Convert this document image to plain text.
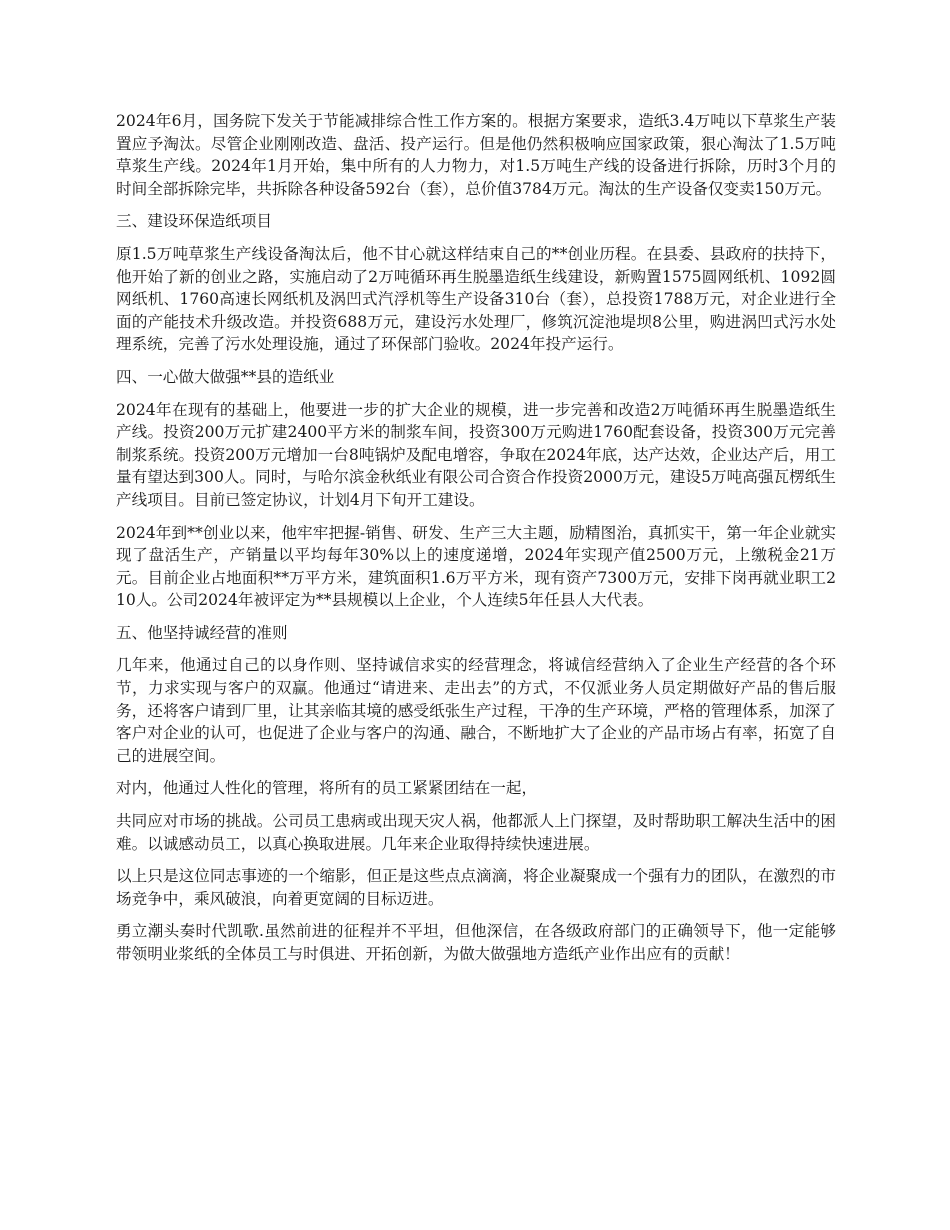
2024年6月，国务院下发关于节能减排综合性工作方案的。根据方案要求，造纸3.4万吨以下草浆生产装置应予淘汰。尽管企业刚刚改造、盘活、投产运行。但是他仍然积极响应国家政策，狠心淘汰了1.5万吨草浆生产线。2024年1月开始，集中所有的人力物力，对1.5万吨生产线的设备进行拆除，历时3个月的时间全部拆除完毕，共拆除各种设备592台（套），总价值3784万元。淘汰的生产设备仅变卖150万元。

三、建设环保造纸项目

原1.5万吨草浆生产线设备淘汰后，他不甘心就这样结束自己的**创业历程。在县委、县政府的扶持下，他开始了新的创业之路，实施启动了2万吨循环再生脱墨造纸生线建设，新购置1575圆网纸机、1092圆网纸机、1760高速长网纸机及涡凹式汽浮机等生产设备310台（套），总投资1788万元，对企业进行全面的产能技术升级改造。并投资688万元，建设污水处理厂，修筑沉淀池堤坝8公里，购进涡凹式污水处理系统，完善了污水处理设施，通过了环保部门验收。2024年投产运行。

四、一心做大做强**县的造纸业

2024年在现有的基础上，他要进一步的扩大企业的规模，进一步完善和改造2万吨循环再生脱墨造纸生产线。投资200万元扩建2400平方米的制浆车间，投资300万元购进1760配套设备，投资300万元完善制浆系统。投资200万元增加一台8吨锅炉及配电增容，争取在2024年底，达产达效，企业达产后，用工量有望达到300人。同时，与哈尔滨金秋纸业有限公司合资合作投资2000万元，建设5万吨高强瓦楞纸生产线项目。目前已签定协议，计划4月下旬开工建设。

2024年到**创业以来，他牢牢把握-销售、研发、生产三大主题，励精图治，真抓实干，第一年企业就实现了盘活生产，产销量以平均每年30%以上的速度递增，2024年实现产值2500万元，上缴税金21万元。目前企业占地面积**万平方米，建筑面积1.6万平方米，现有资产7300万元，安排下岗再就业职工210人。公司2024年被评定为**县规模以上企业，个人连续5年任县人大代表。

五、他坚持诚经营的准则

几年来，他通过自己的以身作则、坚持诚信求实的经营理念，将诚信经营纳入了企业生产经营的各个环节，力求实现与客户的双赢。他通过“请进来、走出去”的方式，不仅派业务人员定期做好产品的售后服务，还将客户请到厂里，让其亲临其境的感受纸张生产过程，干净的生产环境，严格的管理体系，加深了客户对企业的认可，也促进了企业与客户的沟通、融合，不断地扩大了企业的产品市场占有率，拓宽了自己的进展空间。

对内，他通过人性化的管理，将所有的员工紧紧团结在一起，

共同应对市场的挑战。公司员工患病或出现天灾人祸，他都派人上门探望，及时帮助职工解决生活中的困难。以诚感动员工，以真心换取进展。几年来企业取得持续快速进展。

以上只是这位同志事迹的一个缩影，但正是这些点点滴滴，将企业凝聚成一个强有力的团队，在激烈的市场竞争中，乘风破浪，向着更宽阔的目标迈进。

勇立潮头奏时代凯歌.虽然前进的征程并不平坦，但他深信，在各级政府部门的正确领导下，他一定能够带领明业浆纸的全体员工与时俱进、开拓创新，为做大做强地方造纸产业作出应有的贡献！
